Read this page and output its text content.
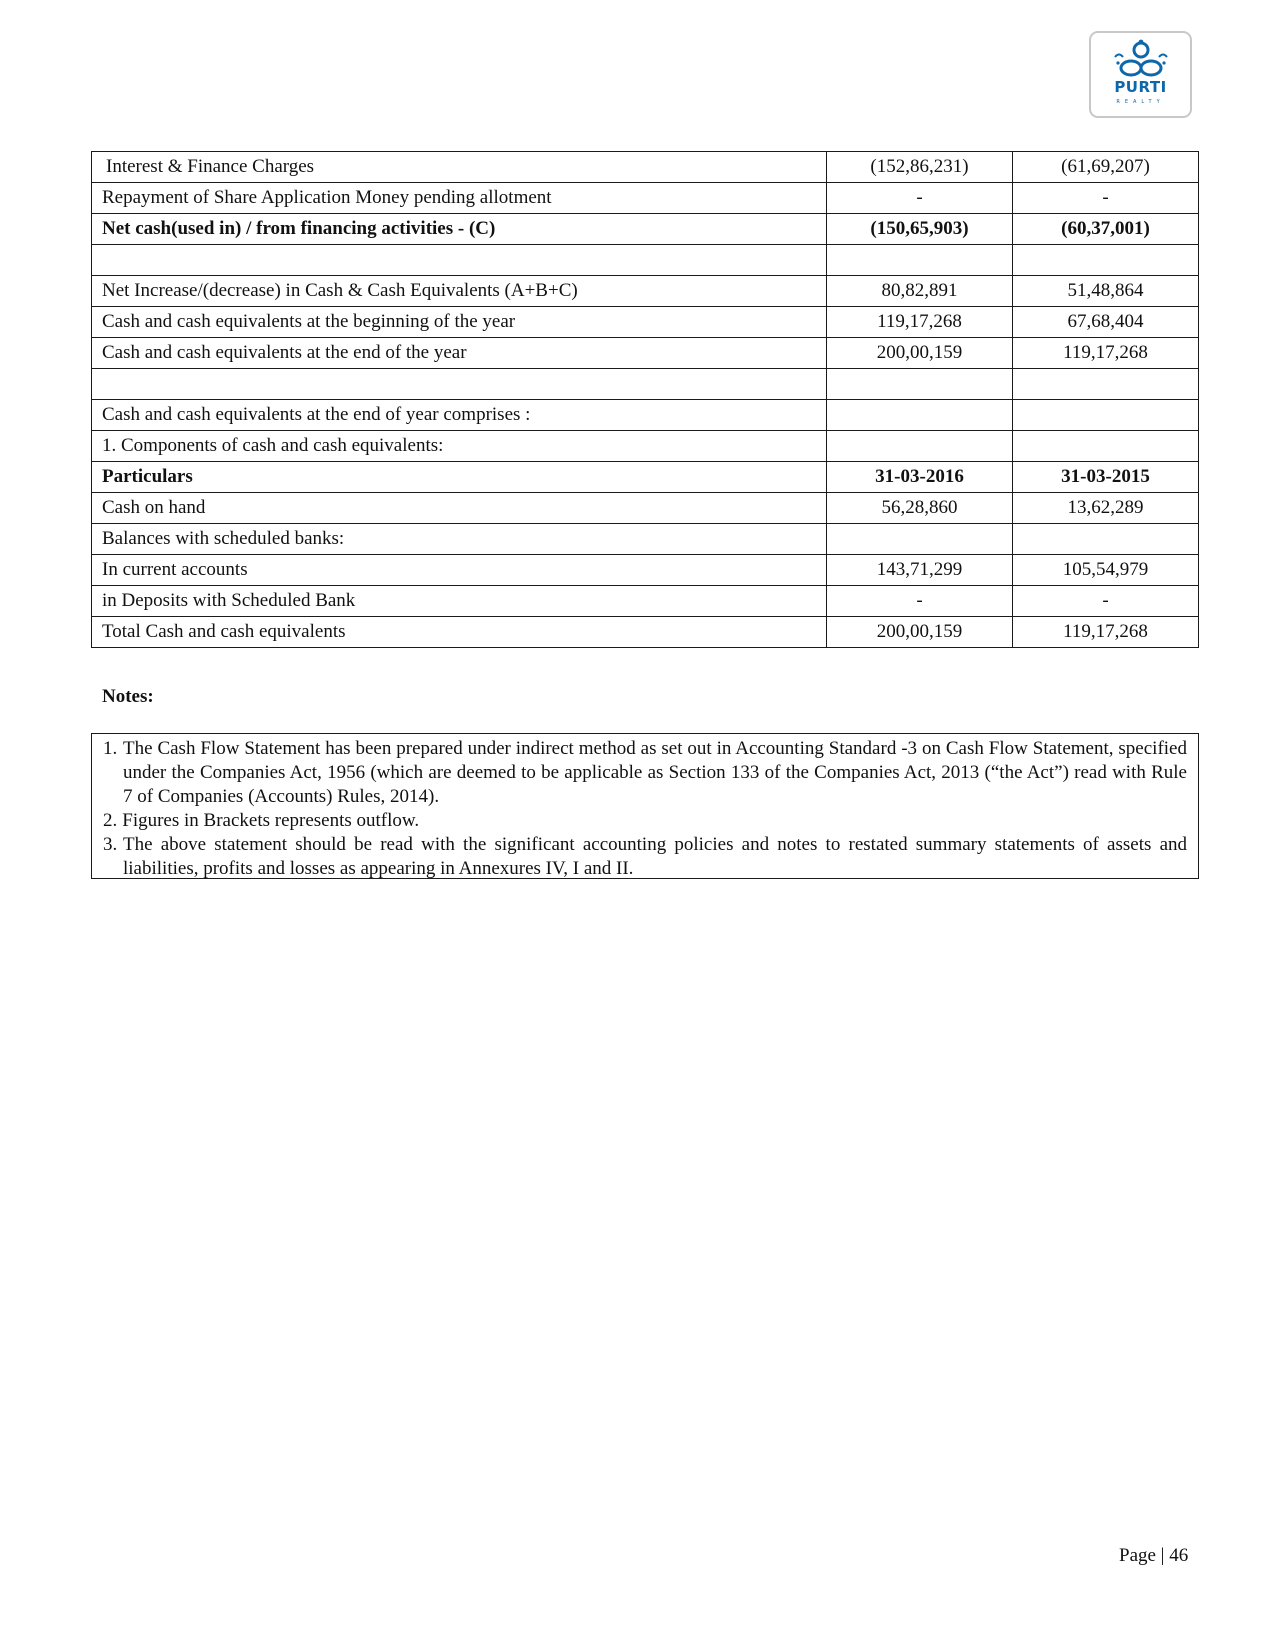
PURTI
REALTY
Interest & Finance Charges	(152,86,231)	(61,69,207)
Repayment of Share Application Money pending allotment	-	-
Net cash(used in) / from financing activities - (C)	(150,65,903)	(60,37,001)

Net Increase/(decrease) in Cash & Cash Equivalents (A+B+C)	80,82,891	51,48,864
Cash and cash equivalents at the beginning of the year	119,17,268	67,68,404
Cash and cash equivalents at the end of the year	200,00,159	119,17,268

Cash and cash equivalents at the end of year comprises :		
1. Components of cash and cash equivalents:		
Particulars	31-03-2016	31-03-2015
Cash on hand	56,28,860	13,62,289
Balances with scheduled banks:		
In current accounts	143,71,299	105,54,979
in Deposits with Scheduled Bank	-	-
Total Cash and cash equivalents	200,00,159	119,17,268
Notes:
1. The Cash Flow Statement has been prepared under indirect method as set out in Accounting Standard -3 on Cash Flow Statement, specified under the Companies Act, 1956 (which are deemed to be applicable as Section 133 of the Companies Act, 2013 (“the Act”) read with Rule 7 of Companies (Accounts) Rules, 2014).
2. Figures in Brackets represents outflow.
3. The above statement should be read with the significant accounting policies and notes to restated summary statements of assets and liabilities, profits and losses as appearing in Annexures IV, I and II.
Page | 46
